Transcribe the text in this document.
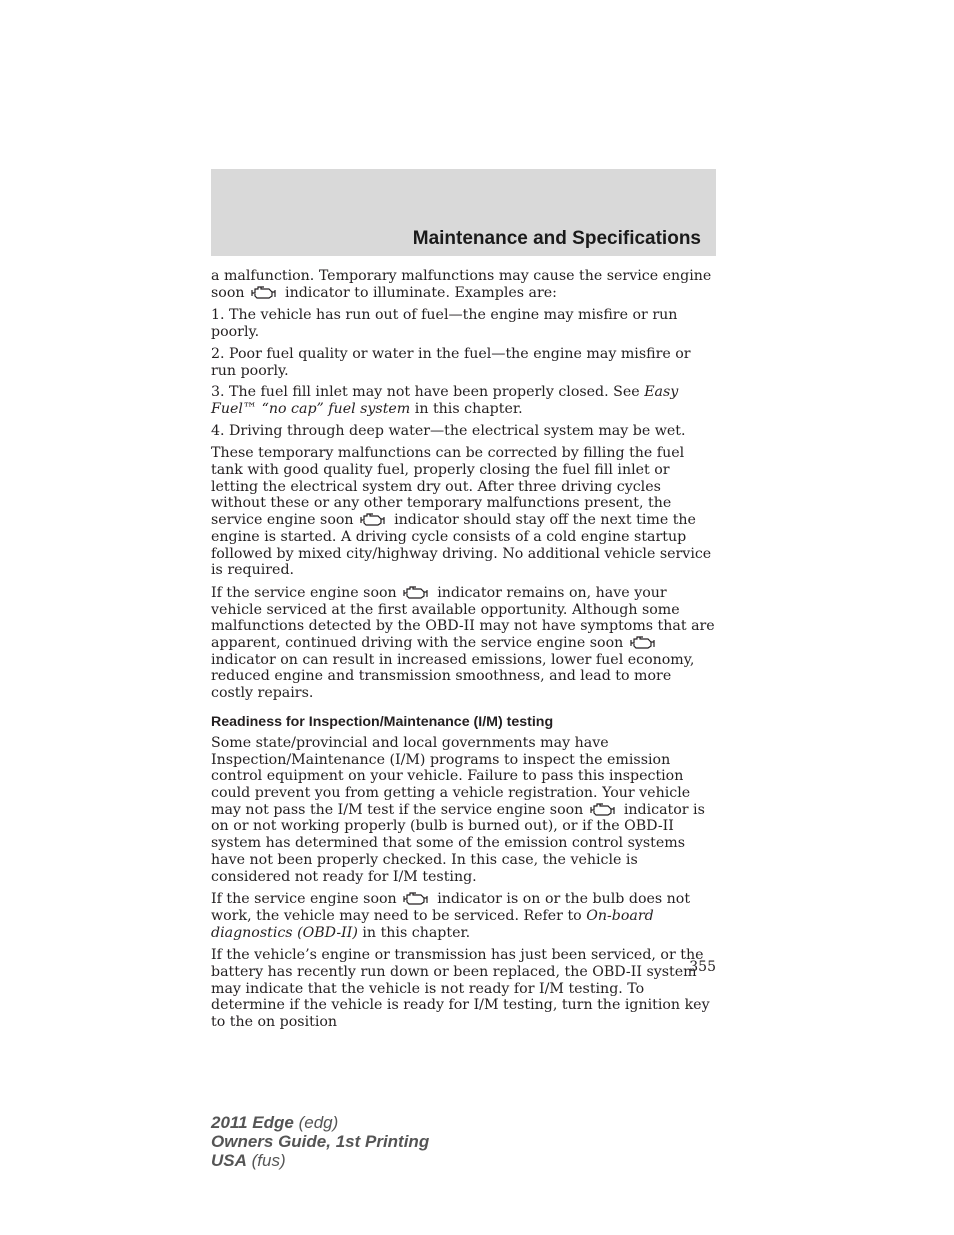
Maintenance and Specifications

a malfunction. Temporary malfunctions may cause the service engine soon	indicator to illuminate. Examples are:

1. The vehicle has run out of fuel—the engine may misfire or run poorly.

2. Poor fuel quality or water in the fuel—the engine may misfire or run poorly.

3. The fuel fill inlet may not have been properly closed. See Easy Fuel™ “no cap” fuel system in this chapter.

4. Driving through deep water—the electrical system may be wet.

These temporary malfunctions can be corrected by filling the fuel tank with good quality fuel, properly closing the fuel fill inlet or letting the electrical system dry out. After three driving cycles without these or any other temporary malfunctions present, the service engine soon	indicator should stay off the next time the engine is started. A driving cycle consists of a cold engine startup followed by mixed city/highway driving. No additional vehicle service is required.

If the service engine soon	indicator remains on, have your vehicle serviced at the first available opportunity. Although some malfunctions detected by the OBD-II may not have symptoms that are apparent, continued driving with the service engine soon
indicator on can result in increased emissions, lower fuel economy, reduced engine and transmission smoothness, and lead to more costly repairs.

Readiness for Inspection/Maintenance (I/M) testing

Some state/provincial and local governments may have Inspection/Maintenance (I/M) programs to inspect the emission control equipment on your vehicle. Failure to pass this inspection could prevent you from getting a vehicle registration. Your vehicle may not pass the I/M test if the service engine soon	indicator is on or not working properly (bulb is burned out), or if the OBD-II system has determined that some of the emission control systems have not been properly checked. In this case, the vehicle is considered not ready for I/M testing.

If the service engine soon	indicator is on or the bulb does not work, the vehicle may need to be serviced. Refer to On-board diagnostics (OBD-II) in this chapter.

If the vehicle’s engine or transmission has just been serviced, or the battery has recently run down or been replaced, the OBD-II system may indicate that the vehicle is not ready for I/M testing. To determine if the vehicle is ready for I/M testing, turn the ignition key to the on position

355
2011 Edge (edg)
Owners Guide, 1st Printing
USA (fus)
